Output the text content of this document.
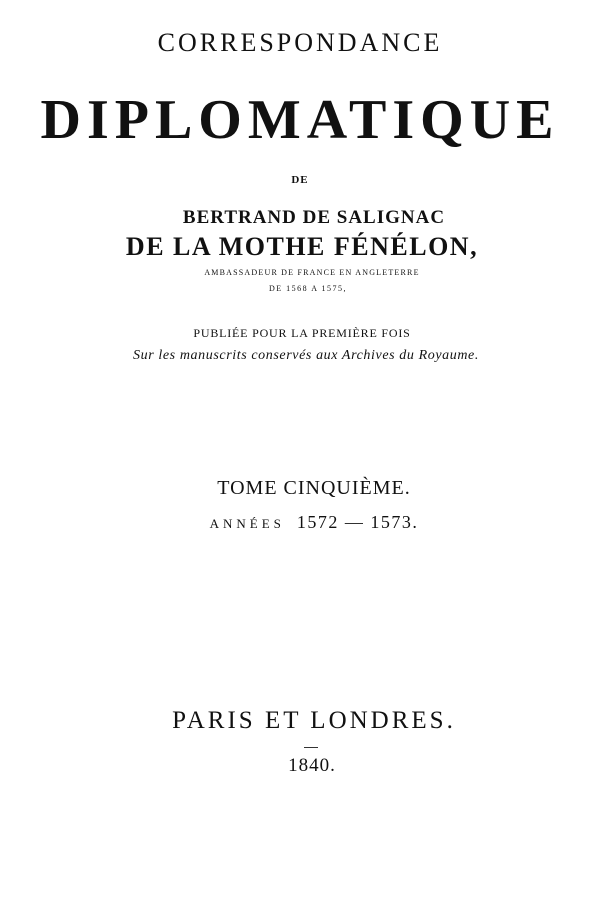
CORRESPONDANCE
DIPLOMATIQUE
DE
BERTRAND DE SALIGNAC
DE LA MOTHE FÉNÉLON,
AMBASSADEUR DE FRANCE EN ANGLETERRE
DE 1568 A 1575,
PUBLIÉE POUR LA PREMIÈRE FOIS
Sur les manuscrits conservés aux Archives du Royaume.
TOME CINQUIÈME.
ANNÉES 1572 — 1573.
PARIS ET LONDRES.
1840.
